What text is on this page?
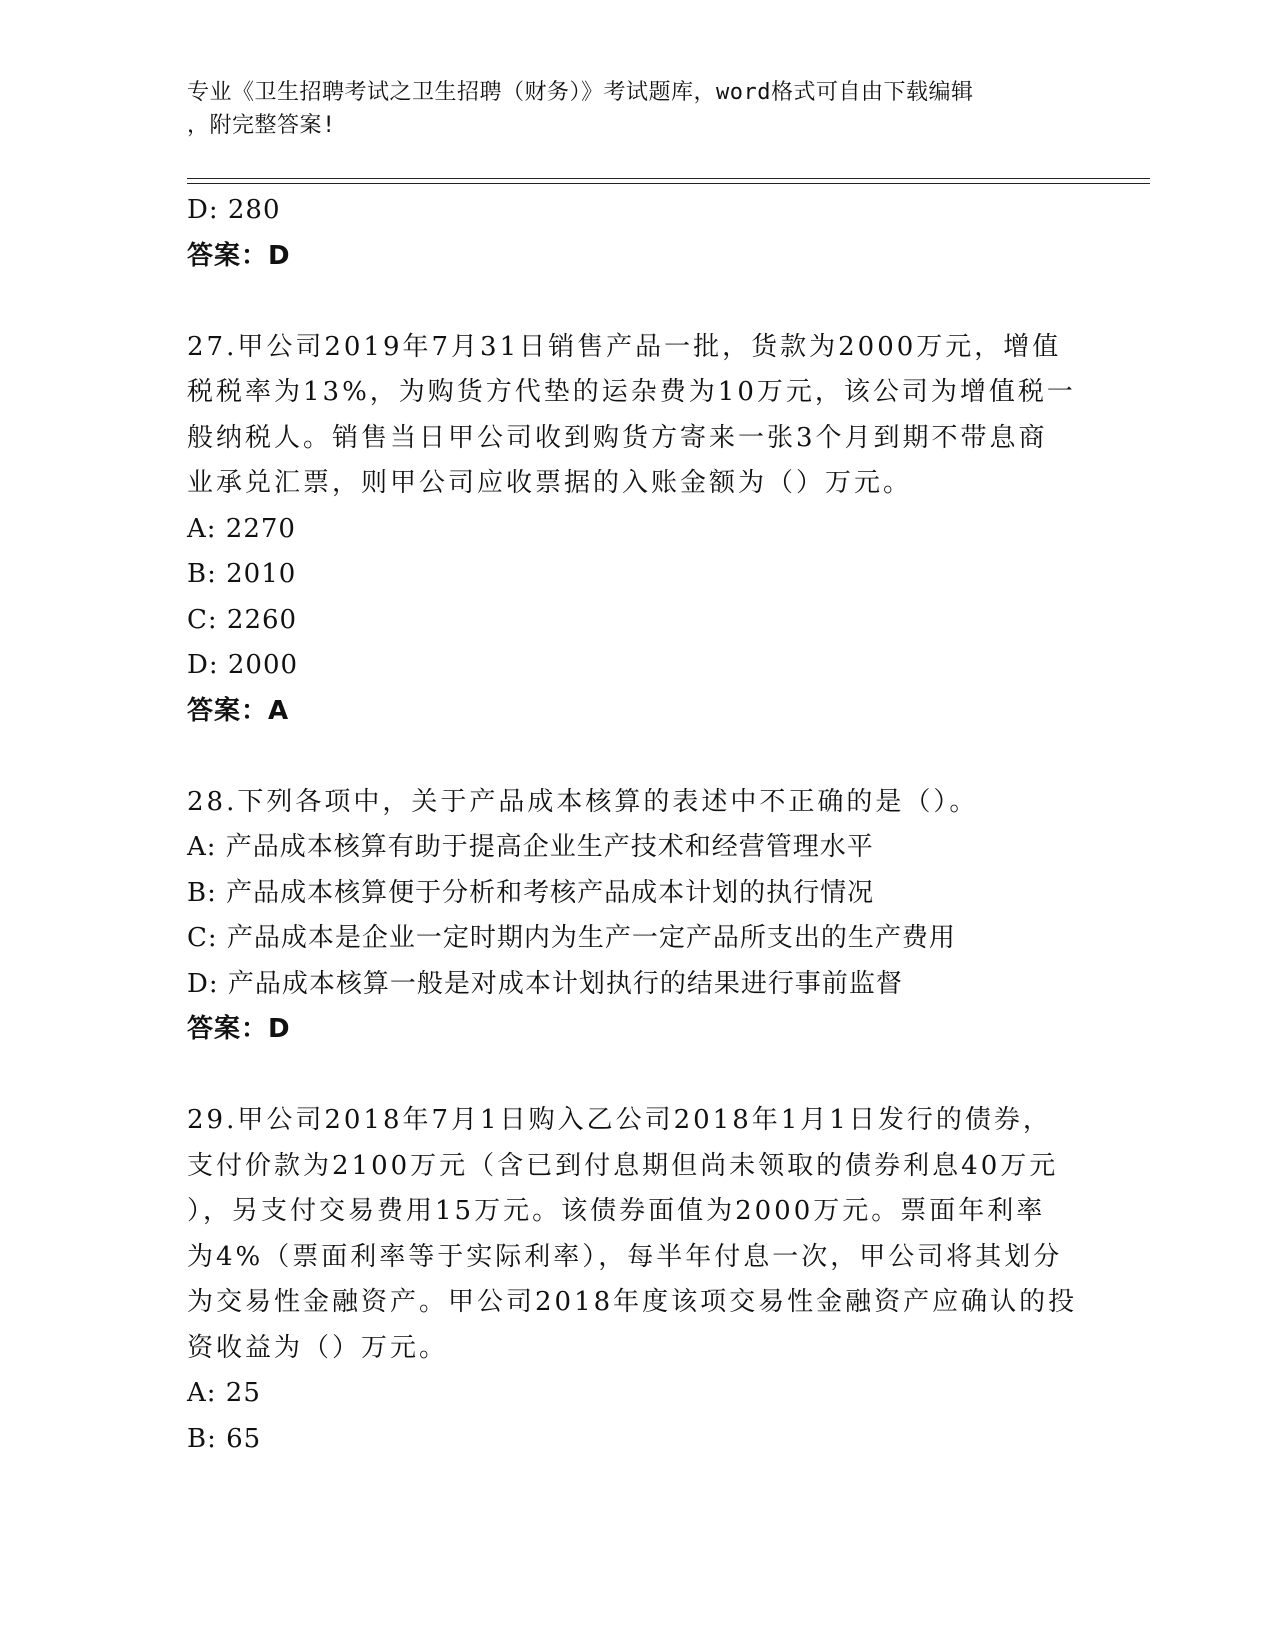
专业《卫生招聘考试之卫生招聘（财务）》考试题库，word格式可自由下载编辑
，附完整答案!
D: 280
答案：D
27.甲公司2019年7月31日销售产品一批，货款为2000万元，增值
税税率为13%，为购货方代垫的运杂费为10万元，该公司为增值税一
般纳税人。销售当日甲公司收到购货方寄来一张3个月到期不带息商
业承兑汇票，则甲公司应收票据的入账金额为（）万元。
A: 2270
B: 2010
C: 2260
D: 2000
答案：A
28.下列各项中，关于产品成本核算的表述中不正确的是（）。
A: 产品成本核算有助于提高企业生产技术和经营管理水平
B: 产品成本核算便于分析和考核产品成本计划的执行情况
C: 产品成本是企业一定时期内为生产一定产品所支出的生产费用
D: 产品成本核算一般是对成本计划执行的结果进行事前监督
答案：D
29.甲公司2018年7月1日购入乙公司2018年1月1日发行的债券，
支付价款为2100万元（含已到付息期但尚未领取的债券利息40万元
），另支付交易费用15万元。该债券面值为2000万元。票面年利率
为4%（票面利率等于实际利率），每半年付息一次，甲公司将其划分
为交易性金融资产。甲公司2018年度该项交易性金融资产应确认的投
资收益为（）万元。
A: 25
B: 65
